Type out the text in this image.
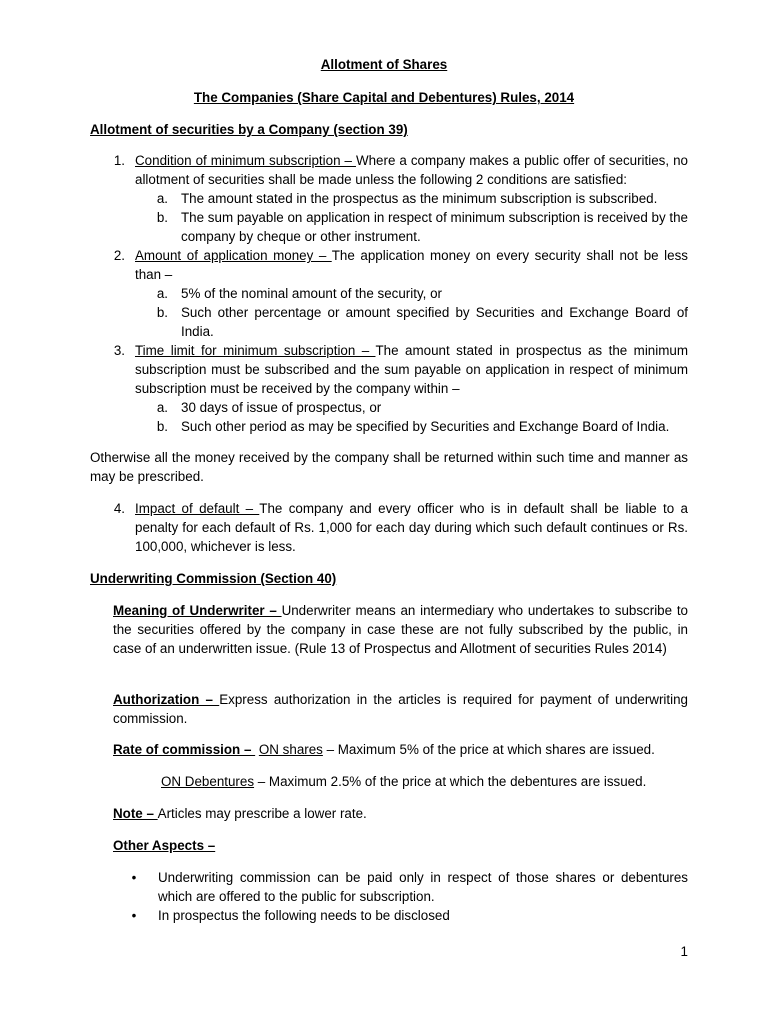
Allotment of Shares
The Companies (Share Capital and Debentures) Rules, 2014
Allotment of securities by a Company (section 39)
1. Condition of minimum subscription – Where a company makes a public offer of securities, no allotment of securities shall be made unless the following 2 conditions are satisfied:
a. The amount stated in the prospectus as the minimum subscription is subscribed.
b. The sum payable on application in respect of minimum subscription is received by the company by cheque or other instrument.
2. Amount of application money – The application money on every security shall not be less than –
a. 5% of the nominal amount of the security, or
b. Such other percentage or amount specified by Securities and Exchange Board of India.
3. Time limit for minimum subscription – The amount stated in prospectus as the minimum subscription must be subscribed and the sum payable on application in respect of minimum subscription must be received by the company within –
a. 30 days of issue of prospectus, or
b. Such other period as may be specified by Securities and Exchange Board of India.
Otherwise all the money received by the company shall be returned within such time and manner as may be prescribed.
4. Impact of default – The company and every officer who is in default shall be liable to a penalty for each default of Rs. 1,000 for each day during which such default continues or Rs. 100,000, whichever is less.
Underwriting Commission (Section 40)
Meaning of Underwriter – Underwriter means an intermediary who undertakes to subscribe to the securities offered by the company in case these are not fully subscribed by the public, in case of an underwritten issue. (Rule 13 of Prospectus and Allotment of securities Rules 2014)
Authorization – Express authorization in the articles is required for payment of underwriting commission.
Rate of commission –  ON shares – Maximum 5% of the price at which shares are issued.
ON Debentures – Maximum 2.5% of the price at which the debentures are issued.
Note – Articles may prescribe a lower rate.
Other Aspects –
•	Underwriting commission can be paid only in respect of those shares or debentures which are offered to the public for subscription.
•	In prospectus the following needs to be disclosed
1
